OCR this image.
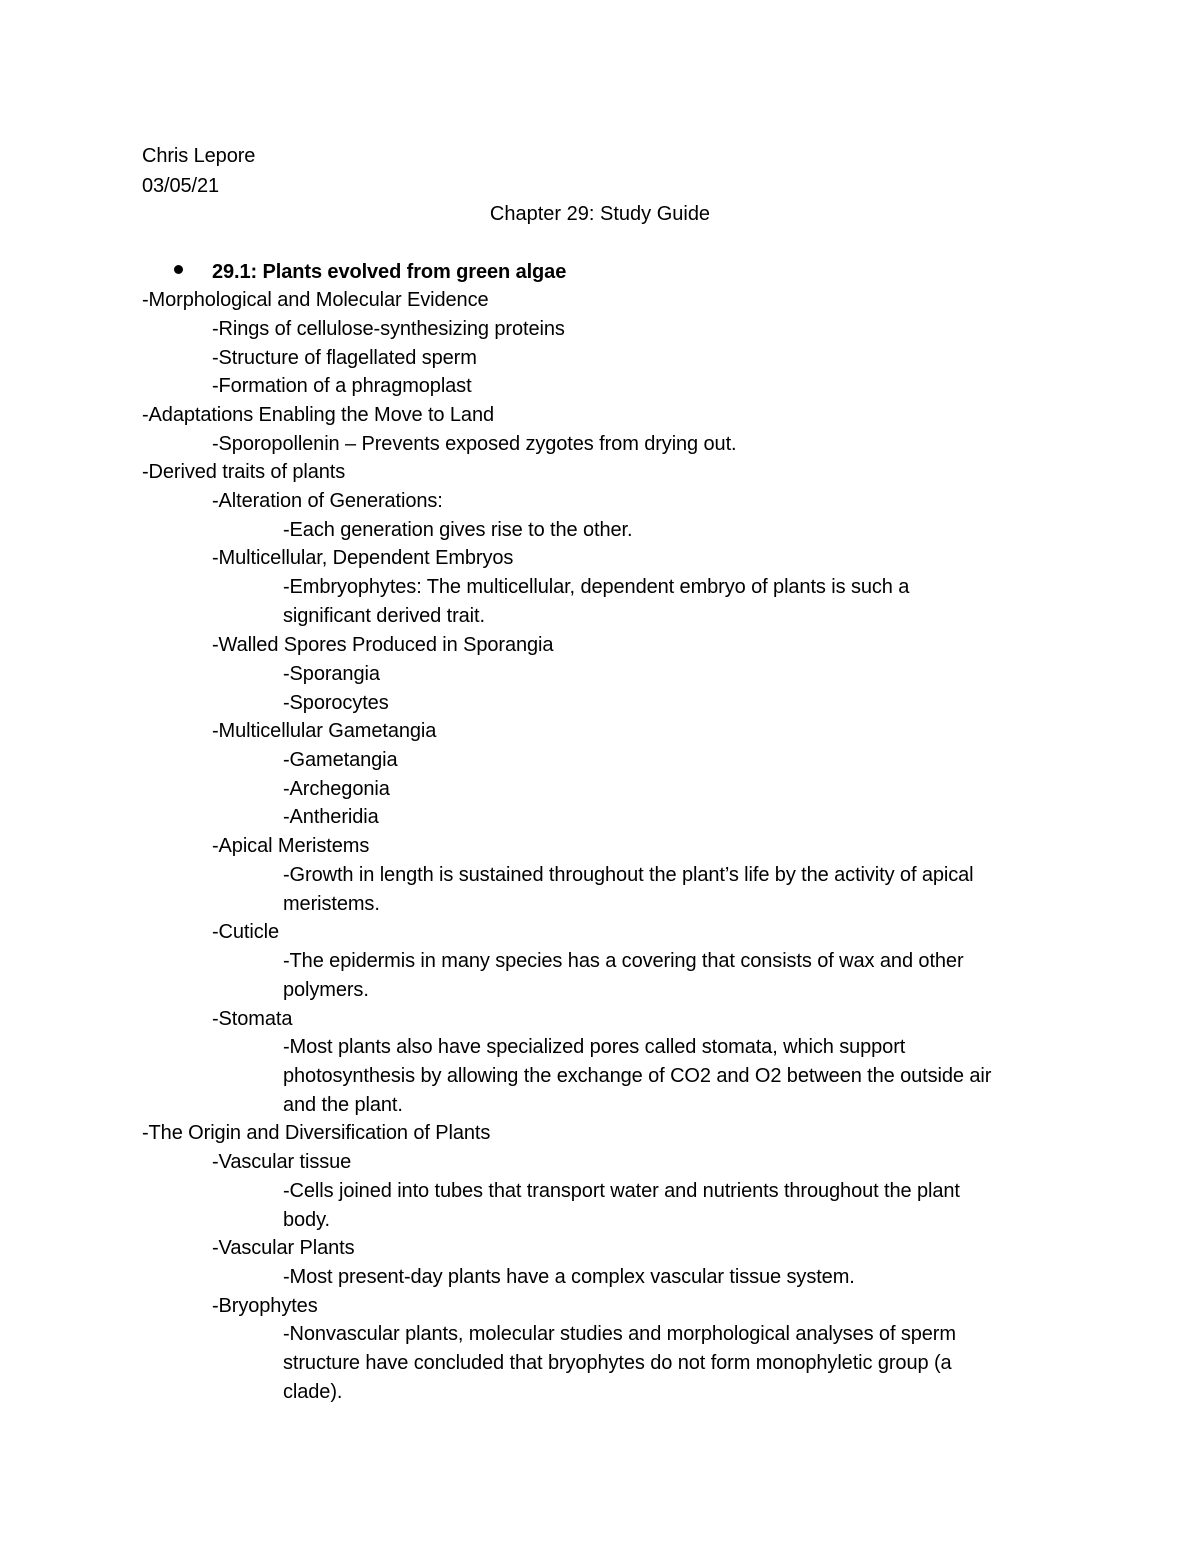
Chris Lepore
03/05/21
Chapter 29: Study Guide
29.1: Plants evolved from green algae
-Morphological and Molecular Evidence
-Rings of cellulose-synthesizing proteins
-Structure of flagellated sperm
-Formation of a phragmoplast
-Adaptations Enabling the Move to Land
-Sporopollenin – Prevents exposed zygotes from drying out.
-Derived traits of plants
-Alteration of Generations:
-Each generation gives rise to the other.
-Multicellular, Dependent Embryos
-Embryophytes: The multicellular, dependent embryo of plants is such a
significant derived trait.
-Walled Spores Produced in Sporangia
-Sporangia
-Sporocytes
-Multicellular Gametangia
-Gametangia
-Archegonia
-Antheridia
-Apical Meristems
-Growth in length is sustained throughout the plant’s life by the activity of apical
meristems.
-Cuticle
-The epidermis in many species has a covering that consists of wax and other
polymers.
-Stomata
-Most plants also have specialized pores called stomata, which support
photosynthesis by allowing the exchange of CO2 and O2 between the outside air
and the plant.
-The Origin and Diversification of Plants
-Vascular tissue
-Cells joined into tubes that transport water and nutrients throughout the plant
body.
-Vascular Plants
-Most present-day plants have a complex vascular tissue system.
-Bryophytes
-Nonvascular plants, molecular studies and morphological analyses of sperm
structure have concluded that bryophytes do not form monophyletic group (a
clade).
